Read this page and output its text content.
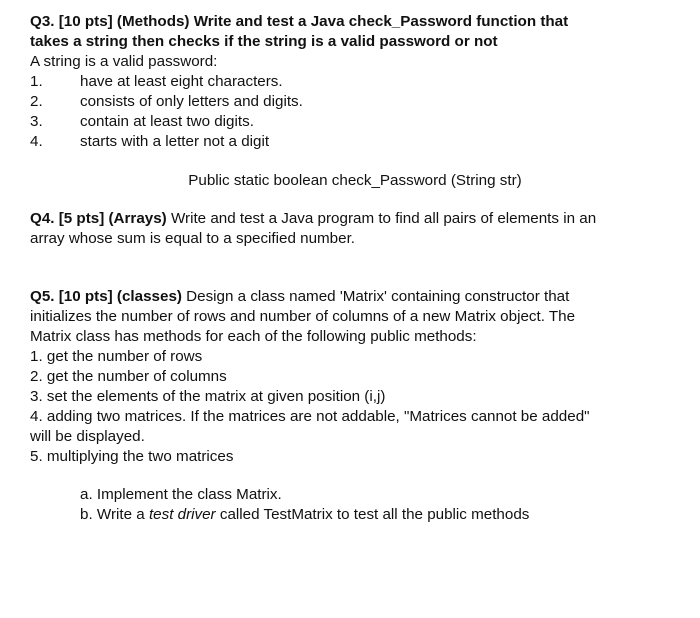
Q3. [10 pts] (Methods) Write and test a Java check_Password function that
takes a string then checks if the string is a valid password or not
A string is a valid password:
1.	have at least eight characters.
2.	consists of only letters and digits.
3.	contain at least two digits.
4.	starts with a letter not a digit
Public static boolean check_Password (String str)
Q4. [5 pts] (Arrays) Write and test a Java program to find all pairs of elements in an
array whose sum is equal to a specified number.
Q5. [10 pts] (classes) Design a class named 'Matrix' containing constructor that
initializes the number of rows and number of columns of a new Matrix object. The
Matrix class has methods for each of the following public methods:
1. get the number of rows
2. get the number of columns
3. set the elements of the matrix at given position (i,j)
4. adding two matrices. If the matrices are not addable, "Matrices cannot be added"
will be displayed.
5. multiplying the two matrices
a. Implement the class Matrix.
b. Write a test driver called TestMatrix to test all the public methods
